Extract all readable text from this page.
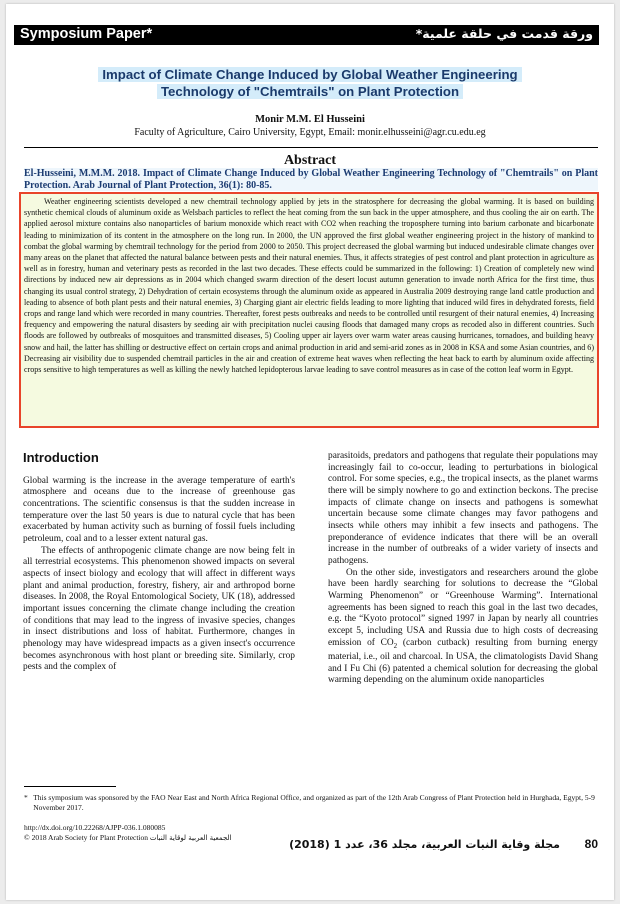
Symposium Paper*	ورقة قدمت في حلقة علمية*
Impact of Climate Change Induced by Global Weather Engineering
Technology of "Chemtrails" on Plant Protection
Monir M.M. El Husseini
Faculty of Agriculture, Cairo University, Egypt, Email: monir.elhusseini@agr.cu.edu.eg
Abstract
El-Husseini, M.M.M. 2018. Impact of Climate Change Induced by Global Weather Engineering Technology of "Chemtrails" on Plant Protection. Arab Journal of Plant Protection, 36(1): 80-85.

Weather engineering scientists developed a new chemtrail technology applied by jets in the stratosphere for decreasing the global warming. It is based on building synthetic chemical clouds of aluminum oxide as Welsbach particles to reflect the heat coming from the sun back in the upper atmosphere, and thus cooling the air on earth. The applied aerosol mixture contains also nanoparticles of barium monoxide which react with CO2 when reaching the troposphere turning into barium carbonate and bicarbonate leading to minimization of its content in the atmosphere on the long run. In 2000, the UN approved the first global weather engineering project in the history of mankind to combat the global warming by chemtrail technology for the period from 2000 to 2050. This project decreased the global warming but induced undesirable climate changes over many areas on the planet that affected the natural balance between pests and their natural enemies. Thus, it affects strategies of pest control and plant protection in agriculture as well as in forestry, human and veterinary pests as recorded in the last two decades. These effects could be summarized in the following: 1) Creation of completely new wind directions by induced new air depressions as in 2004 which changed swarm direction of the desert locust autumn generation to invade north Africa for the first time, thus changing its usual control strategy, 2) Dehydration of certain ecosystems through the aluminum oxide as appeared in Australia 2009 destroying range land cattle production and leading to absence of both plant pests and their natural enemies, 3) Charging giant air electric fields leading to more lighting that induced wild fires in dehydrated forests, field crops and range land which were recorded in many countries. Thereafter, forest pests outbreaks and needs to be controlled until resurgent of their natural enemies, 4) Increasing frequency and empowering the natural disasters by seeding air with precipitation nuclei causing floods that damaged many crops as recoded also in different countries. Such floods are followed by outbreaks of mosquitoes and transmitted diseases, 5) Cooling upper air layers over warm water areas causing hurricanes, tornadoes, and building heavy snow and hail, the latter has shilling or destructive effect on certain crops and animal production in arid and semi-arid zones as in 2008 in KSA and some Asian countries, and 6) Decreasing air visibility due to suspended chemtrail particles in the air and creation of extreme heat waves when reflecting the heat back to earth by aluminum oxide affecting crops sensitive to high temperatures as well as killing the newly hatched lepidopterous larvae leading to save control measures as in case of the cotton leaf worm in Egypt.

Introduction

Global warming is the increase in the average temperature of earth's atmosphere and oceans due to the increase of greenhouse gas concentrations. The scientific consensus is that the sudden increase in temperature over the last 50 years is due to natural cycle that has been exacerbated by human activity such as burning of fossil fuels including petroleum, coal and to a lesser extent natural gas.

The effects of anthropogenic climate change are now being felt in all terrestrial ecosystems. This phenomenon showed impacts on several aspects of insect biology and ecology that will affect in different ways plant and animal production, forestry, fishery, air and arthropod borne diseases. In 2008, the Royal Entomological Society, UK (18), addressed important issues concerning the climate change including the creation of conditions that may lead to the ingress of invasive species, changes in insect distributions and loss of habitat. Furthermore, changes in phenology may have widespread impacts as a given insect's occurrence becomes asynchronous with host plant or breeding site. Similarly, crop pests and the complex of

parasitoids, predators and pathogens that regulate their populations may increasingly fail to co-occur, leading to perturbations in biological control. For some species, e.g., the tropical insects, as the planet warms there will be simply nowhere to go and extinction beckons. The precise impacts of climate change on insects and pathogens is somewhat uncertain because some climate changes may favor pathogens and insects while others may inhibit a few insects and pathogens. The preponderance of evidence indicates that there will be an overall increase in the number of outbreaks of a wider variety of insects and pathogens.

On the other side, investigators and researchers around the globe have been hardly searching for solutions to decrease the “Global Warming Phenomenon” or “Greenhouse Warming”. International agreements has been signed to reach this goal in the last two decades, e.g. the “Kyoto protocol” signed 1997 in Japan by nearly all countries except 5, including USA and Russia due to high costs of decreasing emission of $CO_2$ (carbon cutback) resulting from burning energy material, i.e., oil and charcoal. In USA, the climatologists David Shang and I Fu Chi (6) patented a chemical solution for decreasing the global warming depending on the aluminum oxide nanoparticles

* This symposium was sponsored by the FAO Near East and North Africa Regional Office, and organized as part of the 12th Arab Congress of Plant Protection held in Hurghada, Egypt, 5-9 November 2017.
http://dx.doi.org/10.22268/AJPP-036.1.080085
© 2018 Arab Society for Plant Protection الجمعية العربية لوقاية النبات	مجلة وقاية النبات العربية، مجلد 36، عدد 1 (2018) 80
